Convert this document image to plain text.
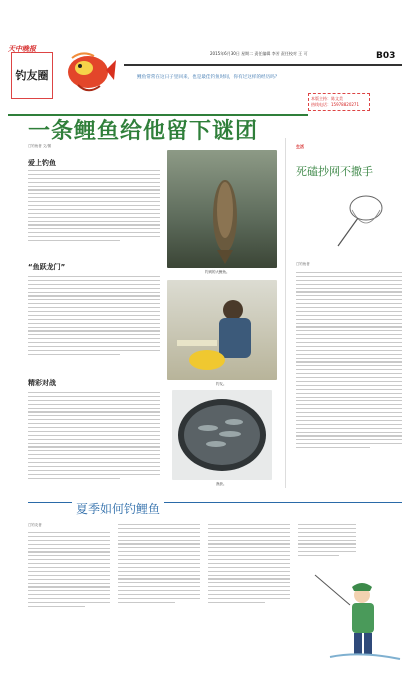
天中晚报
钓友圈
2015年6月30日 星期二 责任编辑 李芳 责任校对 王 可	B03
鲤鱼常常在这日子里回来，也是最佳钓鱼时间，你有过这样的经历吗？
本版主持：陈文美
热线电话：15978820271
一条鲤鱼给他留下谜团
□钓鱼者 文/图
爱上钓鱼
“鱼跃龙门”
精彩对战
钓到的大鲤鱼。
钓友。
渔获。
生活
死磕抄网不撒手
□钓鱼者
夏季如何钓鲤鱼
□钓友者
